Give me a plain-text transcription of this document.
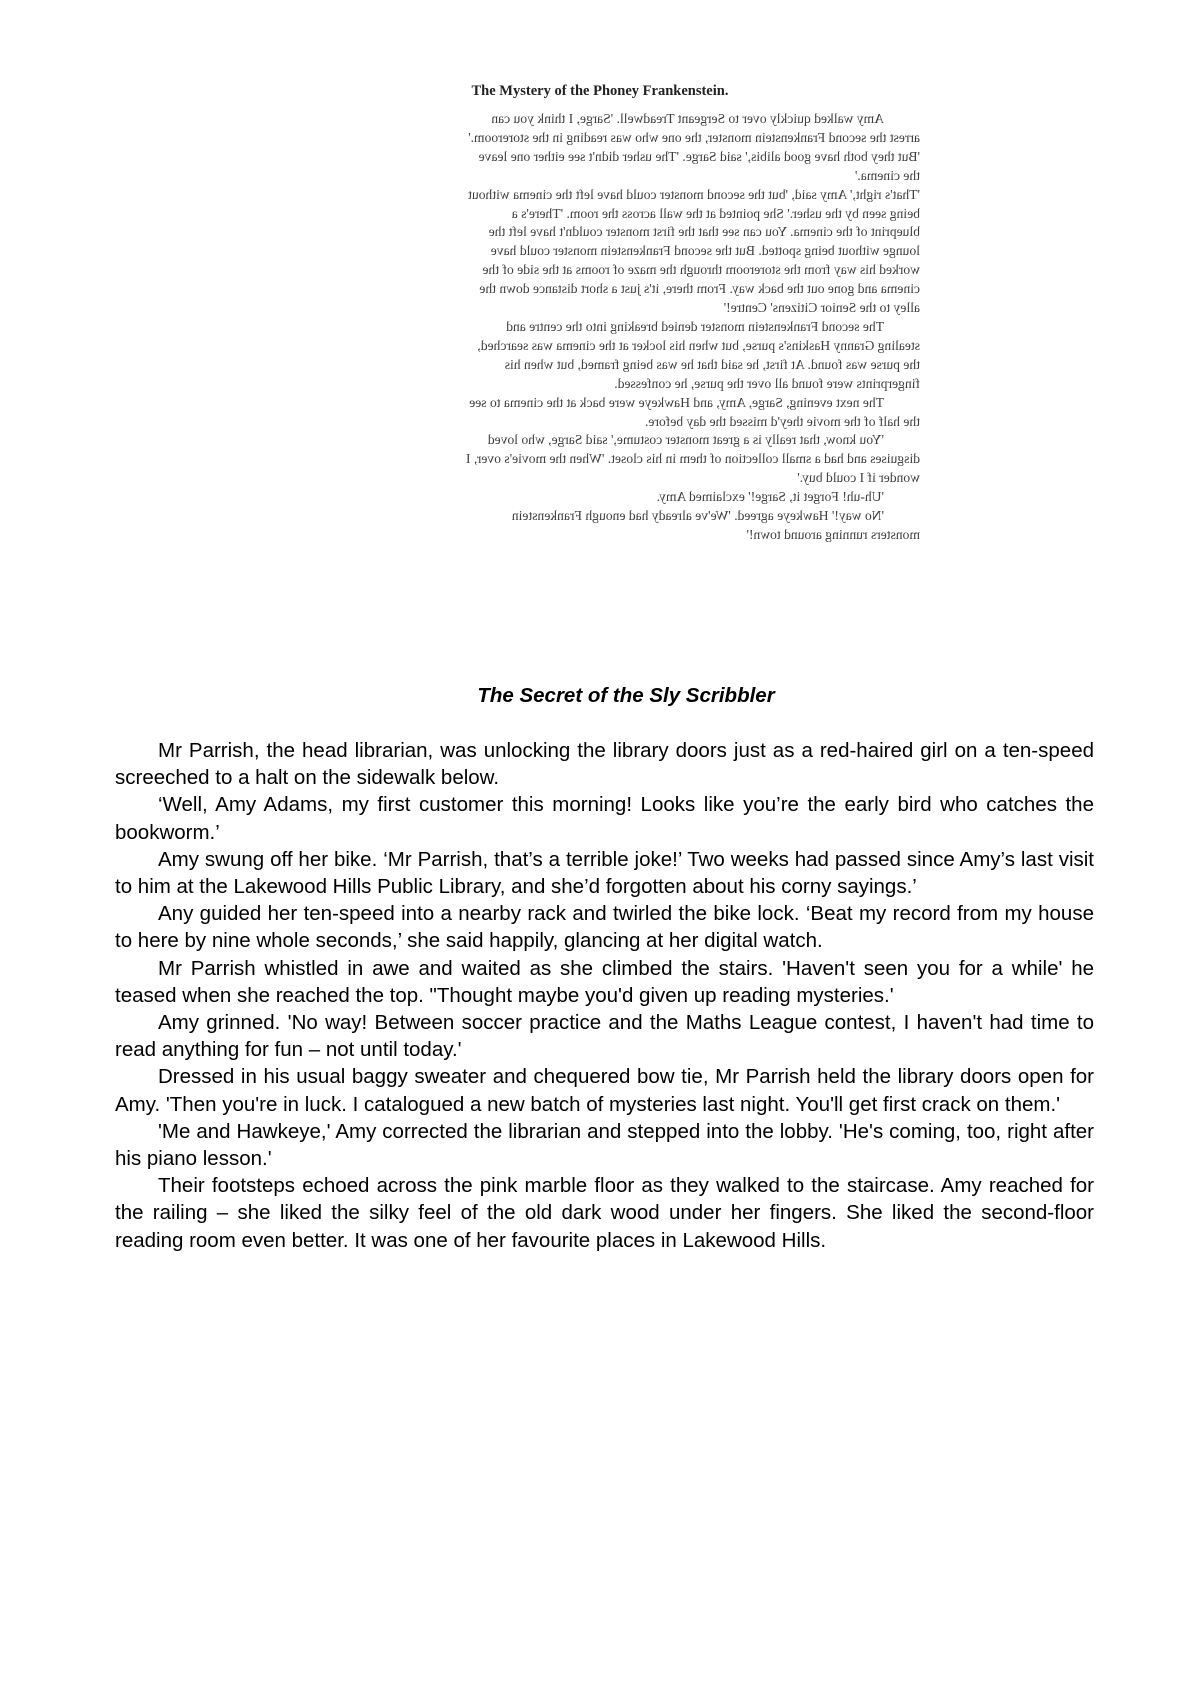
The Mystery of the Phoney Frankenstein.

Amy walked quickly over to Sergeant Treadwell. 'Sarge, I think you can

arrest the second Frankenstein monster, the one who was reading in the storeroom.'

'But they both have good alibis,' said Sarge. 'The usher didn't see either one leave

the cinema.'

'That's right,' Amy said, 'but the second monster could have left the cinema without

being seen by the usher.' She pointed at the wall across the room. 'There's a

blueprint of the cinema. You can see that the first monster couldn't have left the

lounge without being spotted. But the second Frankenstein monster could have

worked his way from the storeroom through the maze of rooms at the side of the

cinema and gone out the back way. From there, it's just a short distance down the

alley to the Senior Citizens' Centre!'

The second Frankenstein monster denied breaking into the centre and

stealing Granny Haskins's purse, but when his locker at the cinema was searched,

the purse was found. At first, he said that he was being framed, but when his

fingerprints were found all over the purse, he confessed.

The next evening, Sarge, Amy, and Hawkeye were back at the cinema to see

the half of the movie they'd missed the day before.

'You know, that really is a great monster costume,' said Sarge, who loved

disguises and had a small collection of them in his closet. 'When the movie's over, I

wonder if I could buy.'

'Uh-uh! Forget it, Sarge!' exclaimed Amy.

'No way!' Hawkeye agreed. 'We've already had enough Frankenstein

monsters running around town!'

The Secret of the Sly Scribbler

Mr Parrish, the head librarian, was unlocking the library doors just as a red-haired girl on a ten-speed screeched to a halt on the sidewalk below.

‘Well, Amy Adams, my first customer this morning! Looks like you’re the early bird who catches the bookworm.’

Amy swung off her bike. ‘Mr Parrish, that’s a terrible joke!’ Two weeks had passed since Amy’s last visit to him at the Lakewood Hills Public Library, and she’d forgotten about his corny sayings.’

Any guided her ten-speed into a nearby rack and twirled the bike lock. ‘Beat my record from my house to here by nine whole seconds,’ she said happily, glancing at her digital watch.

Mr Parrish whistled in awe and waited as she climbed the stairs. 'Haven't seen you for a while' he teased when she reached the top. "Thought maybe you'd given up reading mysteries.'

Amy grinned. 'No way! Between soccer practice and the Maths League contest, I haven't had time to read anything for fun – not until today.'

Dressed in his usual baggy sweater and chequered bow tie, Mr Parrish held the library doors open for Amy. 'Then you're in luck. I catalogued a new batch of mysteries last night. You'll get first crack on them.'

'Me and Hawkeye,' Amy corrected the librarian and stepped into the lobby. 'He's coming, too, right after his piano lesson.'

Their footsteps echoed across the pink marble floor as they walked to the staircase. Amy reached for the railing – she liked the silky feel of the old dark wood under her fingers. She liked the second-floor reading room even better. It was one of her favourite places in Lakewood Hills.
